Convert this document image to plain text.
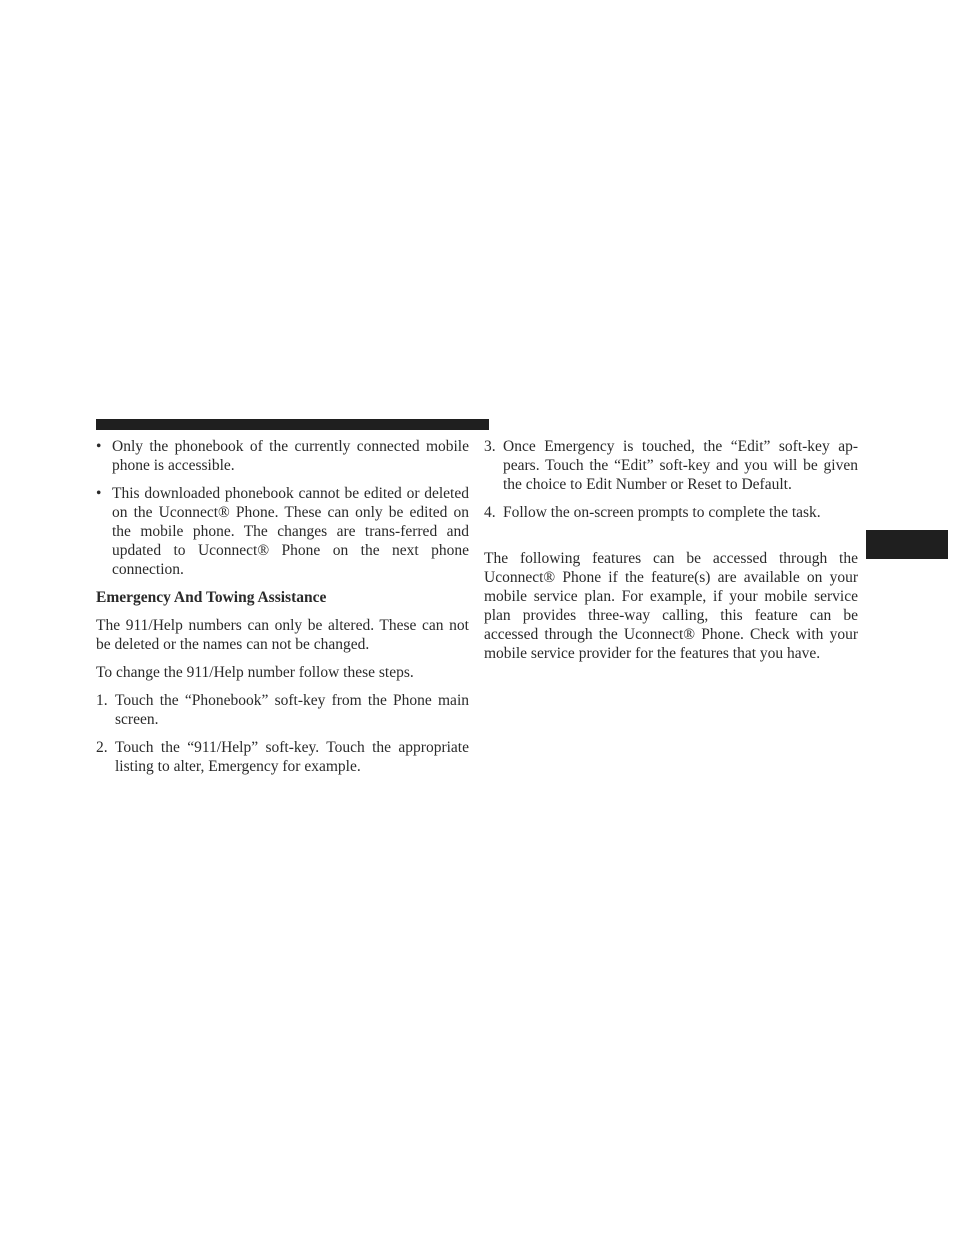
• Only the phonebook of the currently connected mobile phone is accessible.
• This downloaded phonebook cannot be edited or deleted on the Uconnect® Phone. These can only be edited on the mobile phone. The changes are trans-ferred and updated to Uconnect® Phone on the next phone connection.
Emergency And Towing Assistance

The 911/Help numbers can only be altered. These can not be deleted or the names can not be changed.

To change the 911/Help number follow these steps.

1. Touch the “Phonebook” soft-key from the Phone main screen.
2. Touch the “911/Help” soft-key. Touch the appropriate listing to alter, Emergency for example.
3. Once Emergency is touched, the “Edit” soft-key ap-pears. Touch the “Edit” soft-key and you will be given the choice to Edit Number or Reset to Default.
4. Follow the on-screen prompts to complete the task.

The following features can be accessed through the Uconnect® Phone if the feature(s) are available on your mobile service plan. For example, if your mobile service plan provides three-way calling, this feature can be accessed through the Uconnect® Phone. Check with your mobile service provider for the features that you have.
